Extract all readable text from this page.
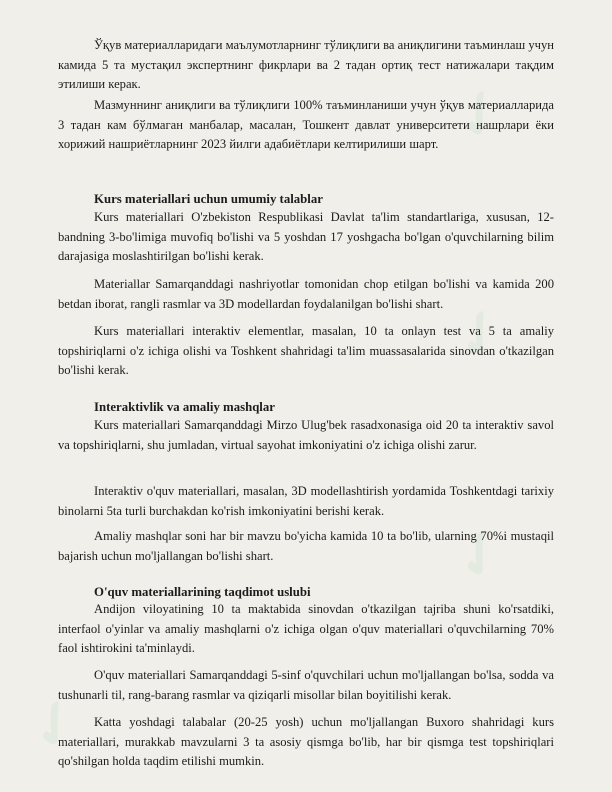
✓
✓
✓
✓

Ўқув материалларидаги маълумотларнинг тўлиқлиги ва аниқлигини таъминлаш учун камида 5 та мустақил экспертнинг фикрлари ва 2 тадан ортиқ тест натижалари тақдим этилиши керак.

Мазмуннинг аниқлиги ва тўлиқлиги 100% таъминланиши учун ўқув материалларида 3 тадан кам бўлмаган манбалар, масалан, Тошкент давлат университети нашрлари ёки хорижий нашриётларнинг 2023 йилги адабиётлари келтирилиши шарт.

Kurs materiallari uchun umumiy talablar

Kurs materiallari O'zbekiston Respublikasi Davlat ta'lim standartlariga, xususan, 12-bandning 3-bo'limiga muvofiq bo'lishi va 5 yoshdan 17 yoshgacha bo'lgan o'quvchilarning bilim darajasiga moslashtirilgan bo'lishi kerak.

Materiallar Samarqanddagi nashriyotlar tomonidan chop etilgan bo'lishi va kamida 200 betdan iborat, rangli rasmlar va 3D modellardan foydalanilgan bo'lishi shart.

Kurs materiallari interaktiv elementlar, masalan, 10 ta onlayn test va 5 ta amaliy topshiriqlarni o'z ichiga olishi va Toshkent shahridagi ta'lim muassasalarida sinovdan o'tkazilgan bo'lishi kerak.

Interaktivlik va amaliy mashqlar

Kurs materiallari Samarqanddagi Mirzo Ulug'bek rasadxonasiga oid 20 ta interaktiv savol va topshiriqlarni, shu jumladan, virtual sayohat imkoniyatini o'z ichiga olishi zarur.

Interaktiv o'quv materiallari, masalan, 3D modellashtirish yordamida Toshkentdagi tarixiy binolarni 5ta turli burchakdan ko'rish imkoniyatini berishi kerak.

Amaliy mashqlar soni har bir mavzu bo'yicha kamida 10 ta bo'lib, ularning 70%i mustaqil bajarish uchun mo'ljallangan bo'lishi shart.

O'quv materiallarining taqdimot uslubi

Andijon viloyatining 10 ta maktabida sinovdan o'tkazilgan tajriba shuni ko'rsatdiki, interfaol o'yinlar va amaliy mashqlarni o'z ichiga olgan o'quv materiallari o'quvchilarning 70% faol ishtirokini ta'minlaydi.

O'quv materiallari Samarqanddagi 5-sinf o'quvchilari uchun mo'ljallangan bo'lsa, sodda va tushunarli til, rang-barang rasmlar va qiziqarli misollar bilan boyitilishi kerak.

Katta yoshdagi talabalar (20-25 yosh) uchun mo'ljallangan Buxoro shahridagi kurs materiallari, murakkab mavzularni 3 ta asosiy qismga bo'lib, har bir qismga test topshiriqlari qo'shilgan holda taqdim etilishi mumkin.
